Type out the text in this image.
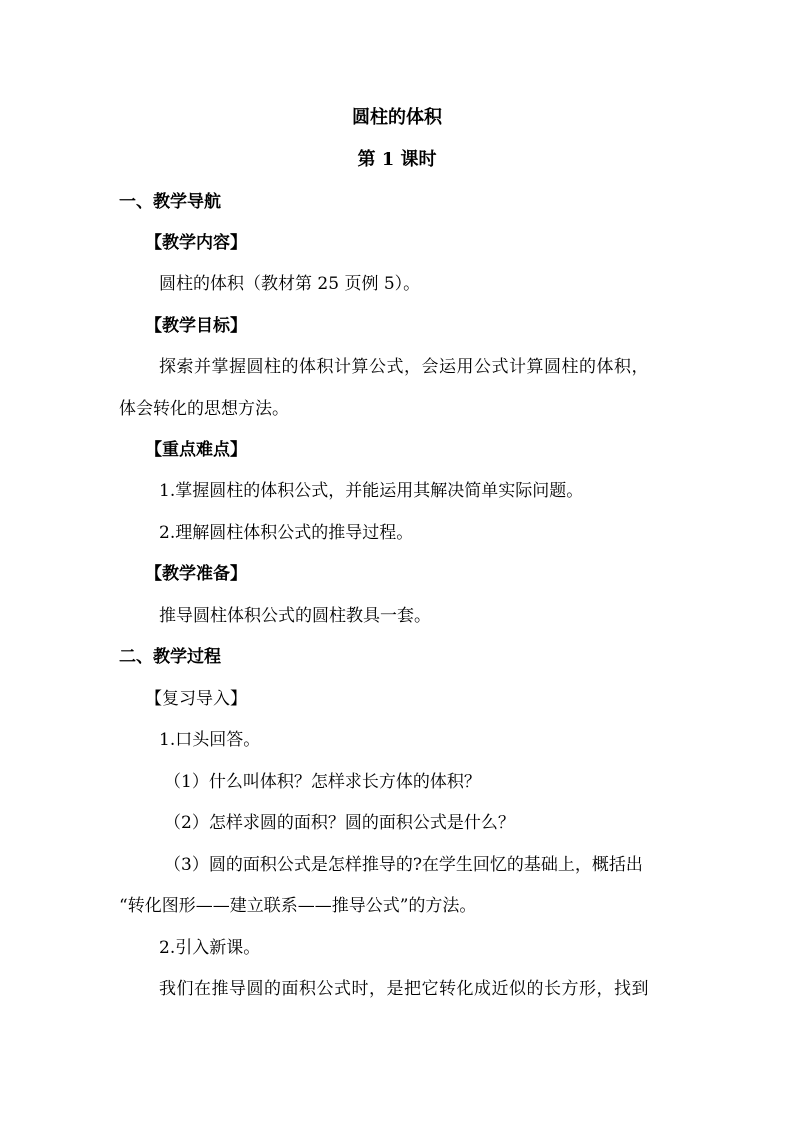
圆柱的体积
第 1 课时
一、教学导航
【教学内容】
圆柱的体积（教材第 25 页例 5）。
【教学目标】
探索并掌握圆柱的体积计算公式，会运用公式计算圆柱的体积，
体会转化的思想方法。
【重点难点】
1.掌握圆柱的体积公式，并能运用其解决简单实际问题。
2.理解圆柱体积公式的推导过程。
【教学准备】
推导圆柱体积公式的圆柱教具一套。
二、教学过程
【复习导入】
1.口头回答。
（1）什么叫体积？怎样求长方体的体积？
（2）怎样求圆的面积？圆的面积公式是什么？
（3）圆的面积公式是怎样推导的?在学生回忆的基础上，概括出
“转化图形——建立联系——推导公式”的方法。
2.引入新课。
我们在推导圆的面积公式时，是把它转化成近似的长方形，找到
